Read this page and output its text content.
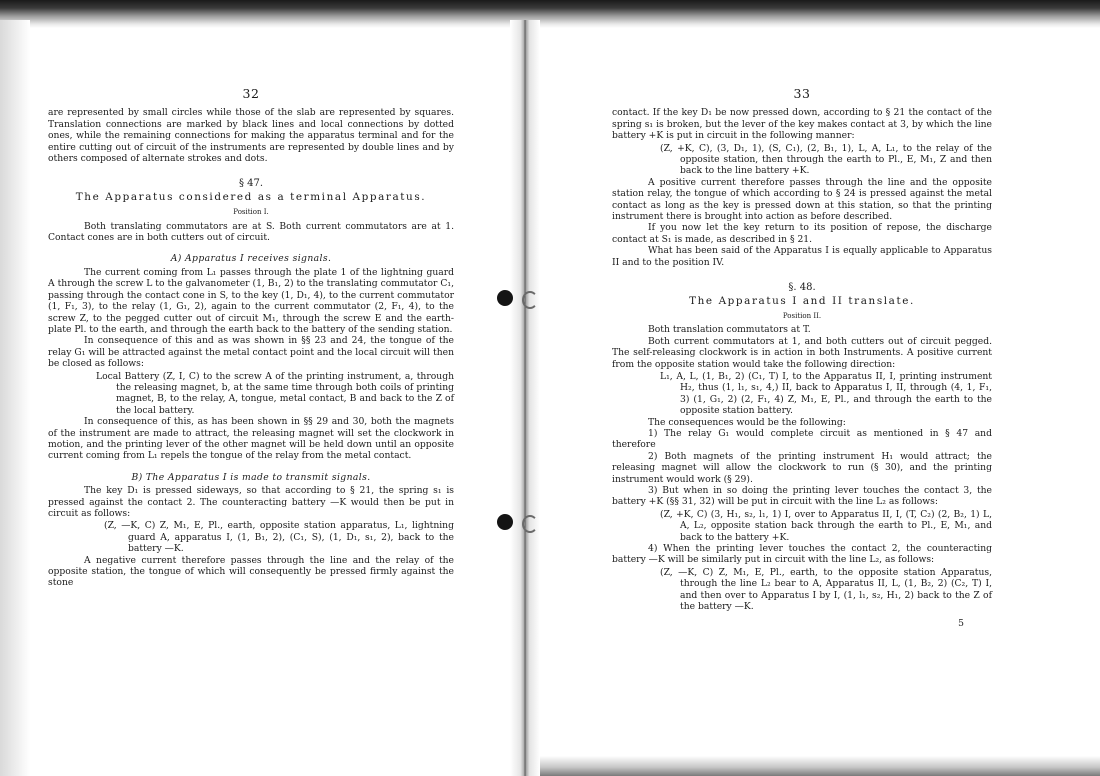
32

are represented by small circles while those of the slab are represented by squares. Translation connections are marked by black lines and local connections by dotted ones, while the remaining connections for making the apparatus terminal and for the entire cutting out of circuit of the instruments are represented by double lines and by others composed of alternate strokes and dots.

§ 47.
The Apparatus considered as a terminal Apparatus.
Position I.

Both translating commutators are at S. Both current commutators are at 1. Contact cones are in both cutters out of circuit.

A) Apparatus I receives signals.

The current coming from L₁ passes through the plate 1 of the lightning guard A through the screw L to the galvanometer (1, B₁, 2) to the translating commutator C₁, passing through the contact cone in S, to the key (1, D₁, 4), to the current commutator (1, F₁, 3), to the relay (1, G₁, 2), again to the current commutator (2, F₁, 4), to the screw Z, to the pegged cutter out of circuit M₁, through the screw E and the earth-plate Pl. to the earth, and through the earth back to the battery of the sending station.

In consequence of this and as was shown in §§ 23 and 24, the tongue of the relay G₁ will be attracted against the metal contact point and the local circuit will then be closed as follows:

Local Battery (Z, I, C) to the screw A of the printing instrument, a, through the releasing magnet, b, at the same time through both coils of printing magnet, B, to the relay, A, tongue, metal contact, B and back to the Z of the local battery.

In consequence of this, as has been shown in §§ 29 and 30, both the magnets of the instrument are made to attract, the releasing magnet will set the clockwork in motion, and the printing lever of the other magnet will be held down until an opposite current coming from L₁ repels the tongue of the relay from the metal contact.

B) The Apparatus I is made to transmit signals.

The key D₁ is pressed sideways, so that according to § 21, the spring s₁ is pressed against the contact 2. The counteracting battery —K would then be put in circuit as follows:

(Z, —K, C) Z, M₁, E, Pl., earth, opposite station apparatus, L₁, lightning guard A, apparatus I, (1, B₁, 2), (C₁, S), (1, D₁, s₁, 2), back to the battery —K.

A negative current therefore passes through the line and the relay of the opposite station, the tongue of which will consequently be pressed firmly against the stone

33

contact. If the key D₁ be now pressed down, according to § 21 the contact of the spring s₁ is broken, but the lever of the key makes contact at 3, by which the line battery +K is put in circuit in the following manner:

(Z, +K, C), (3, D₁, 1), (S, C₁), (2, B₁, 1), L, A, L₁, to the relay of the opposite station, then through the earth to Pl., E, M₁, Z and then back to the line battery +K.

A positive current therefore passes through the line and the opposite station relay, the tongue of which according to § 24 is pressed against the metal contact as long as the key is pressed down at this station, so that the printing instrument there is brought into action as before described.

If you now let the key return to its position of repose, the discharge contact at S₁ is made, as described in § 21.

What has been said of the Apparatus I is equally applicable to Apparatus II and to the position IV.

§. 48.
The Apparatus I and II translate.
Position II.

Both translation commutators at T.

Both current commutators at 1, and both cutters out of circuit pegged. The self-releasing clockwork is in action in both Instruments. A positive current from the opposite station would take the following direction:

L₁, A, L, (1, B₁, 2) (C₁, T) I, to the Apparatus II, I, printing instrument H₂, thus (1, l₁, s₁, 4,) II, back to Apparatus I, II, through (4, 1, F₁, 3) (1, G₁, 2) (2, F₁, 4) Z, M₁, E, Pl., and through the earth to the opposite station battery.

The consequences would be the following:

1) The relay G₁ would complete circuit as mentioned in § 47 and therefore

2) Both magnets of the printing instrument H₁ would attract; the releasing magnet will allow the clockwork to run (§ 30), and the printing instrument would work (§ 29).

3) But when in so doing the printing lever touches the contact 3, the battery +K (§§ 31, 32) will be put in circuit with the line L₂ as follows:

(Z, +K, C) (3, H₁, s₂, l₁, 1) I, over to Apparatus II, I, (T, C₂) (2, B₂, 1) L, A, L₂, opposite station back through the earth to Pl., E, M₁, and back to the battery +K.

4) When the printing lever touches the contact 2, the counteracting battery —K will be similarly put in circuit with the line L₂, as follows:

(Z, —K, C) Z, M₁, E, Pl., earth, to the opposite station Apparatus, through the line L₂ bear to A, Apparatus II, L, (1, B₂, 2) (C₂, T) I, and then over to Apparatus I by I, (1, l₁, s₂, H₁, 2) back to the Z of the battery —K.

5
